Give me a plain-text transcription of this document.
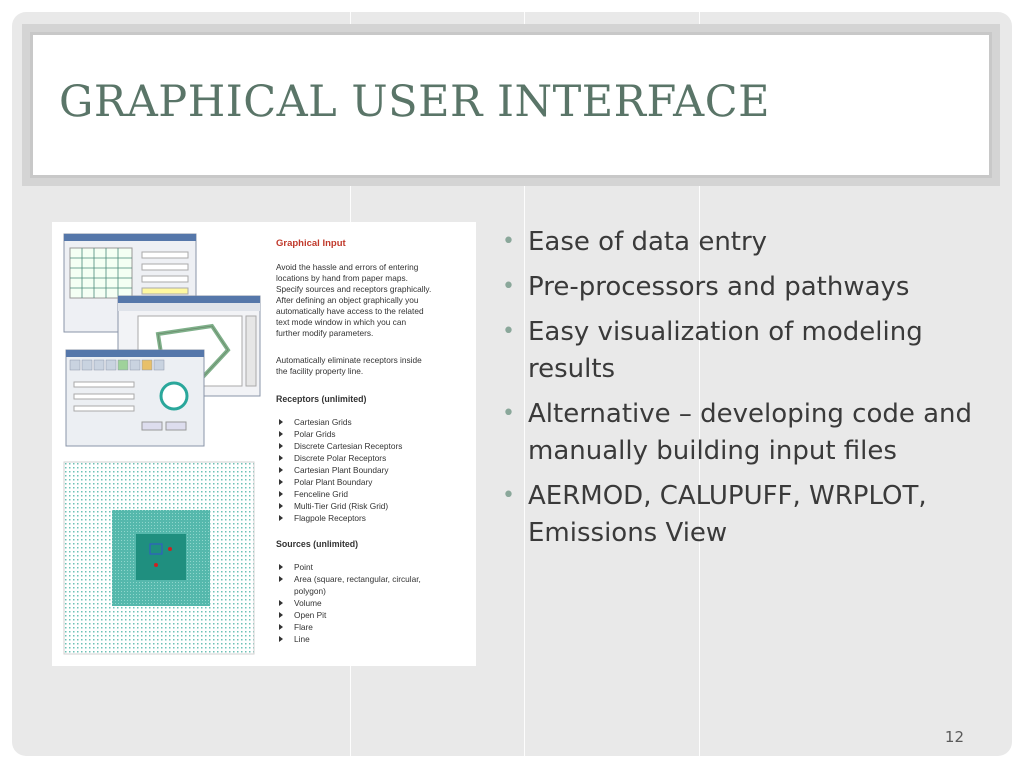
GRAPHICAL USER INTERFACE
Graphical Input
Avoid the hassle and errors of entering
locations by hand from paper maps.
Specify sources and receptors graphically.
After defining an object graphically you
automatically have access to the related
text mode window in which you can
further modify parameters.
Automatically eliminate receptors inside
the facility property line.
Receptors (unlimited)
Cartesian Grids
Polar Grids
Discrete Cartesian Receptors
Discrete Polar Receptors
Cartesian Plant Boundary
Polar Plant Boundary
Fenceline Grid
Multi-Tier Grid (Risk Grid)
Flagpole Receptors
Sources (unlimited)
Point
Area (square, rectangular, circular,
polygon)
Volume
Open Pit
Flare
Line
• Ease of data entry
• Pre-processors and pathways
• Easy visualization of modeling results
• Alternative – developing code and manually building input files
• AERMOD, CALUPUFF, WRPLOT, Emissions View
12
